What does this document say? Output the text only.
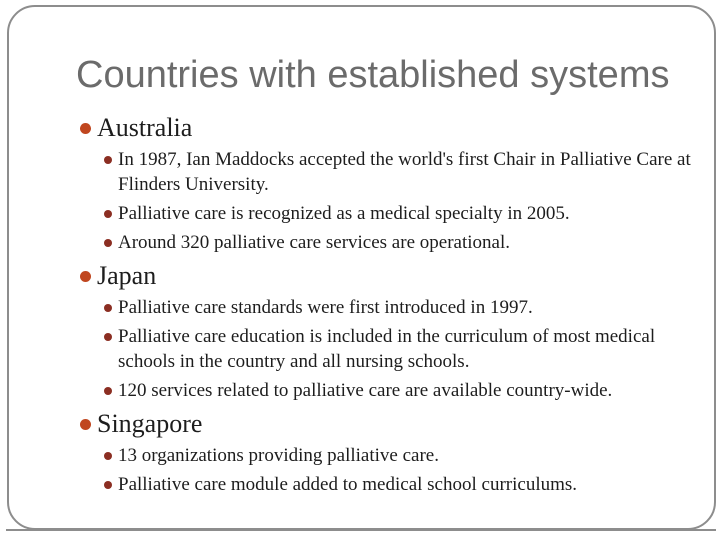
Countries with established systems
Australia
In 1987, Ian Maddocks accepted the world's first Chair in Palliative Care at
Flinders University.
Palliative care is recognized as a medical specialty in 2005.
Around 320 palliative care services are operational.
Japan
Palliative care standards were first introduced in 1997.
Palliative care education is included in the curriculum of most medical
schools in the country and all nursing schools.
120 services related to palliative care are available country-wide.
Singapore
13 organizations providing palliative care.
Palliative care module added to medical school curriculums.
